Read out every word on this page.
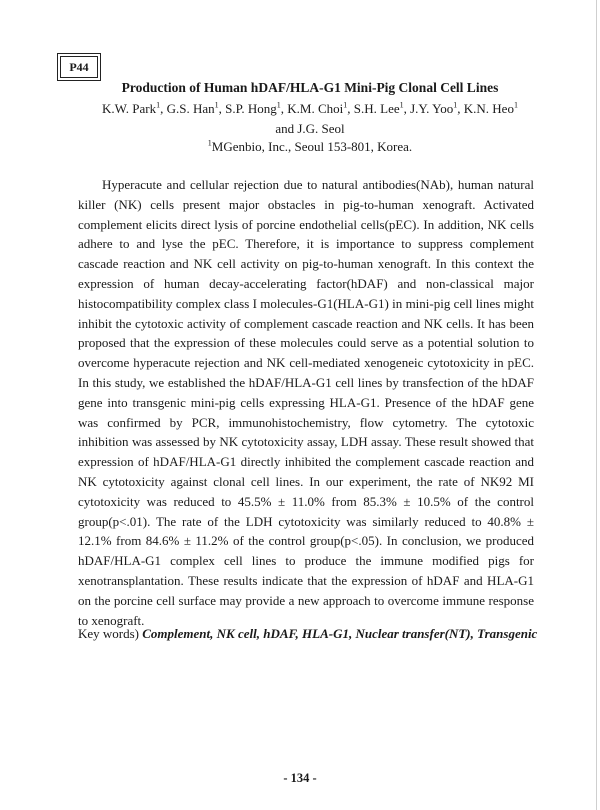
P44
Production of Human hDAF/HLA-G1 Mini-Pig Clonal Cell Lines
K.W. Park$^1$, G.S. Han$^1$, S.P. Hong$^1$, K.M. Choi$^1$, S.H. Lee$^1$, J.Y. Yoo$^1$, K.N. Heo$^1$
and J.G. Seol
$^1$MGenbio, Inc., Seoul 153-801, Korea.

Hyperacute and cellular rejection due to natural antibodies(NAb), human natural killer (NK) cells present major obstacles in pig-to-human xenograft. Activated complement elicits direct lysis of porcine endothelial cells(pEC). In addition, NK cells adhere to and lyse the pEC. Therefore, it is importance to suppress complement cascade reaction and NK cell activity on pig-to-human xenograft. In this context the expression of human decay-accelerating factor(hDAF) and non-classical major histocompatibility complex class I molecules-G1(HLA-G1) in mini-pig cell lines might inhibit the cytotoxic activity of complement cascade reaction and NK cells. It has been proposed that the expression of these molecules could serve as a potential solution to overcome hyperacute rejection and NK cell-mediated xenogeneic cytotoxicity in pEC. In this study, we established the hDAF/HLA-G1 cell lines by transfection of the hDAF gene into transgenic mini-pig cells expressing HLA-G1. Presence of the hDAF gene was confirmed by PCR, immunohistochemistry, flow cytometry. The cytotoxic inhibition was assessed by NK cytotoxicity assay, LDH assay. These result showed that expression of hDAF/HLA-G1 directly inhibited the complement cascade reaction and NK cytotoxicity against clonal cell lines. In our experiment, the rate of NK92 MI cytotoxicity was reduced to 45.5% ± 11.0% from 85.3% ± 10.5% of the control group(p<.01). The rate of the LDH cytotoxicity was similarly reduced to 40.8% ± 12.1% from 84.6% ± 11.2% of the control group(p<.05). In conclusion, we produced hDAF/HLA-G1 complex cell lines to produce the immune modified pigs for xenotransplantation. These results indicate that the expression of hDAF and HLA-G1 on the porcine cell surface may provide a new approach to overcome immune response to xenograft.

Key words) Complement, NK cell, hDAF, HLA-G1, Nuclear transfer(NT), Transgenic
- 134 -
